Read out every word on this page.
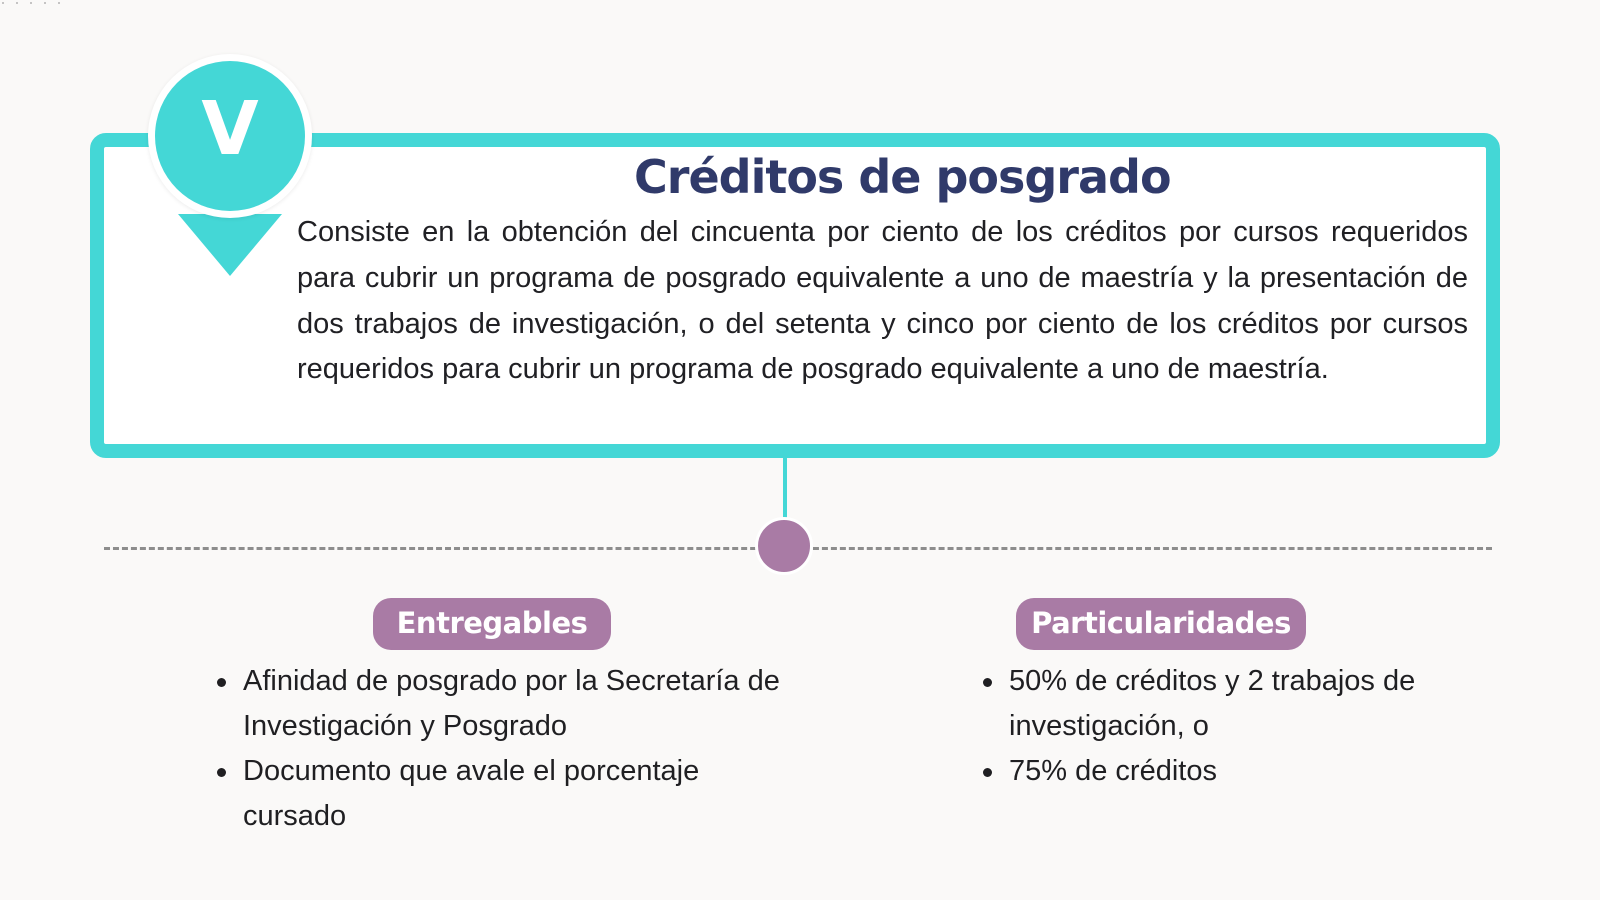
Créditos de posgrado

Consiste en la obtención del cincuenta por ciento de los créditos por cursos requeridos para cubrir un programa de posgrado equivalente a uno de maestría y la presentación de dos trabajos de investigación, o del setenta y cinco por ciento de los créditos por cursos requeridos para cubrir un programa de posgrado equivalente a uno de maestría.

V
Entregables
Afinidad de posgrado por la Secretaría de Investigación y Posgrado
Documento que avale el porcentaje cursado
Particularidades
50% de créditos y 2 trabajos de investigación, o
75% de créditos
